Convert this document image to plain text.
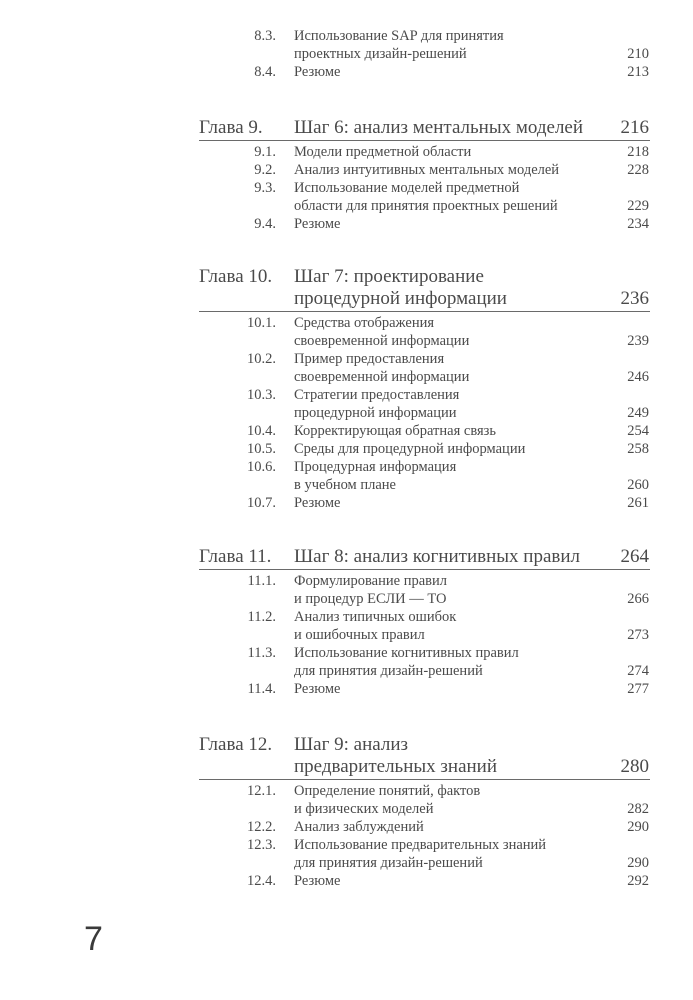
8.3. Использование SAP для принятия
проектных дизайн-решений	210
8.4. Резюме	213
Глава 9. Шаг 6: анализ ментальных моделей 216
9.1. Модели предметной области	218
9.2. Анализ интуитивных ментальных моделей	228
9.3. Использование моделей предметной
области для принятия проектных решений	229
9.4. Резюме	234
Глава 10. Шаг 7: проектирование
процедурной информации	236
10.1. Средства отображения
своевременной информации	239
10.2. Пример предоставления
своевременной информации	246
10.3. Стратегии предоставления
процедурной информации	249
10.4. Корректирующая обратная связь	254
10.5. Среды для процедурной информации	258
10.6. Процедурная информация
в учебном плане	260
10.7. Резюме	261
Глава 11. Шаг 8: анализ когнитивных правил 264
11.1. Формулирование правил
и процедур ЕСЛИ — ТО	266
11.2. Анализ типичных ошибок
и ошибочных правил	273
11.3. Использование когнитивных правил
для принятия дизайн-решений	274
11.4. Резюме	277
Глава 12. Шаг 9: анализ
предварительных знаний	280
12.1. Определение понятий, фактов
и физических моделей	282
12.2. Анализ заблуждений	290
12.3. Использование предварительных знаний
для принятия дизайн-решений	290
12.4. Резюме	292
7
